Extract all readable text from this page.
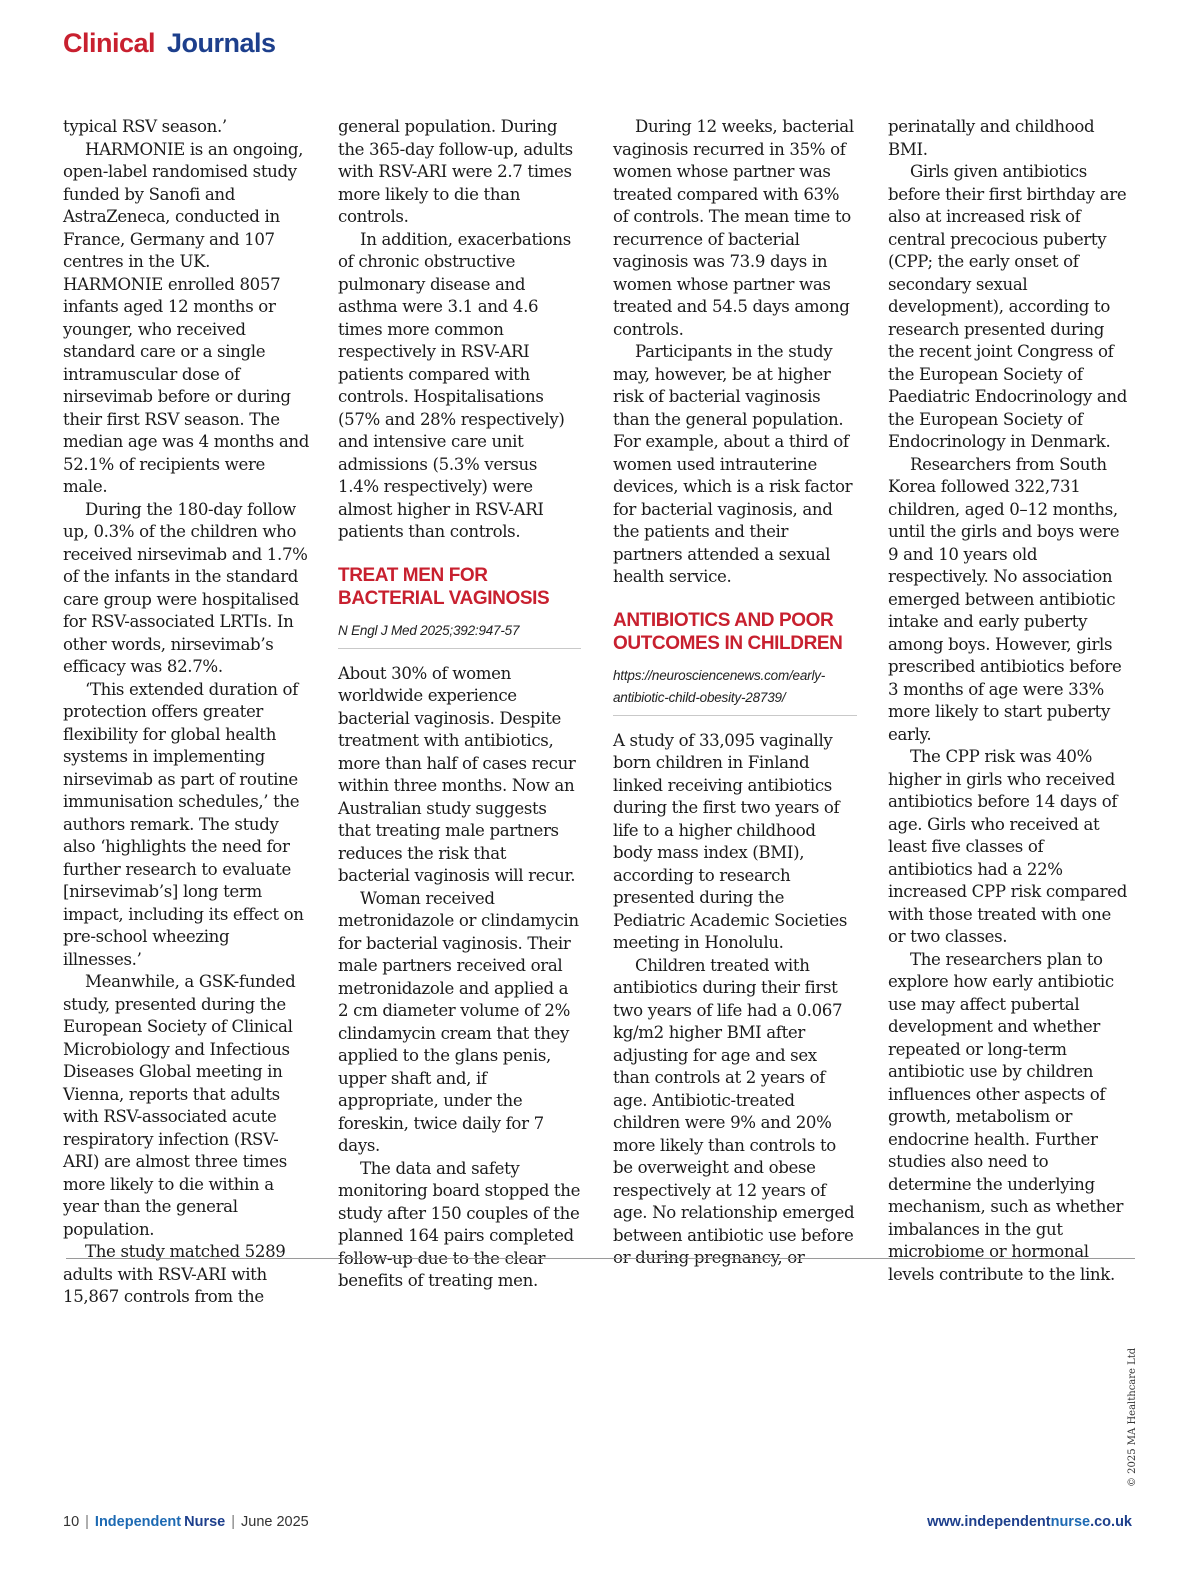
Clinical Journals

typical RSV season.’

HARMONIE is an ongoing, open-label randomised study funded by Sanofi and AstraZeneca, conducted in France, Germany and 107 centres in the UK. HARMONIE enrolled 8057 infants aged 12 months or younger, who received standard care or a single intramuscular dose of nirsevimab before or during their first RSV season. The median age was 4 months and 52.1% of recipients were male.

During the 180-day follow up, 0.3% of the children who received nirsevimab and 1.7% of the infants in the standard care group were hospitalised for RSV-associated LRTIs. In other words, nirsevimab’s efficacy was 82.7%.

‘This extended duration of protection offers greater flexibility for global health systems in implementing nirsevimab as part of routine immunisation schedules,’ the authors remark. The study also ‘highlights the need for further research to evaluate [nirsevimab’s] long term impact, including its effect on pre-school wheezing illnesses.’

Meanwhile, a GSK-funded study, presented during the European Society of Clinical Microbiology and Infectious Diseases Global meeting in Vienna, reports that adults with RSV-associated acute respiratory infection (RSV-ARI) are almost three times more likely to die within a year than the general population.

The study matched 5289 adults with RSV-ARI with 15,867 controls from the

general population. During the 365-day follow-up, adults with RSV-ARI were 2.7 times more likely to die than controls.

In addition, exacerbations of chronic obstructive pulmonary disease and asthma were 3.1 and 4.6 times more common respectively in RSV-ARI patients compared with controls. Hospitalisations (57% and 28% respectively) and intensive care unit admissions (5.3% versus 1.4% respectively) were almost higher in RSV-ARI patients than controls.

TREAT MEN FOR BACTERIAL VAGINOSIS
N Engl J Med 2025;392:947-57

About 30% of women worldwide experience bacterial vaginosis. Despite treatment with antibiotics, more than half of cases recur within three months. Now an Australian study suggests that treating male partners reduces the risk that bacterial vaginosis will recur.

Woman received metronidazole or clindamycin for bacterial vaginosis. Their male partners received oral metronidazole and applied a 2 cm diameter volume of 2% clindamycin cream that they applied to the glans penis, upper shaft and, if appropriate, under the foreskin, twice daily for 7 days.

The data and safety monitoring board stopped the study after 150 couples of the planned 164 pairs completed follow-up due to the clear benefits of treating men.

During 12 weeks, bacterial vaginosis recurred in 35% of women whose partner was treated compared with 63% of controls. The mean time to recurrence of bacterial vaginosis was 73.9 days in women whose partner was treated and 54.5 days among controls.

Participants in the study may, however, be at higher risk of bacterial vaginosis than the general population. For example, about a third of women used intrauterine devices, which is a risk factor for bacterial vaginosis, and the patients and their partners attended a sexual health service.

ANTIBIOTICS AND POOR OUTCOMES IN CHILDREN
https://neurosciencenews.com/early-antibiotic-child-obesity-28739/

A study of 33,095 vaginally born children in Finland linked receiving antibiotics during the first two years of life to a higher childhood body mass index (BMI), according to research presented during the Pediatric Academic Societies meeting in Honolulu.

Children treated with antibiotics during their first two years of life had a 0.067 kg/m2 higher BMI after adjusting for age and sex than controls at 2 years of age. Antibiotic-treated children were 9% and 20% more likely than controls to be overweight and obese respectively at 12 years of age. No relationship emerged between antibiotic use before or during pregnancy, or

perinatally and childhood BMI.

Girls given antibiotics before their first birthday are also at increased risk of central precocious puberty (CPP; the early onset of secondary sexual development), according to research presented during the recent joint Congress of the European Society of Paediatric Endocrinology and the European Society of Endocrinology in Denmark.

Researchers from South Korea followed 322,731 children, aged 0–12 months, until the girls and boys were 9 and 10 years old respectively. No association emerged between antibiotic intake and early puberty among boys. However, girls prescribed antibiotics before 3 months of age were 33% more likely to start puberty early.

The CPP risk was 40% higher in girls who received antibiotics before 14 days of age. Girls who received at least five classes of antibiotics had a 22% increased CPP risk compared with those treated with one or two classes.

The researchers plan to explore how early antibiotic use may affect pubertal development and whether repeated or long-term antibiotic use by children influences other aspects of growth, metabolism or endocrine health. Further studies also need to determine the underlying mechanism, such as whether imbalances in the gut microbiome or hormonal levels contribute to the link.

© 2025 MA Healthcare Ltd
10 | Independent Nurse | June 2025	www.independentnurse.co.uk
